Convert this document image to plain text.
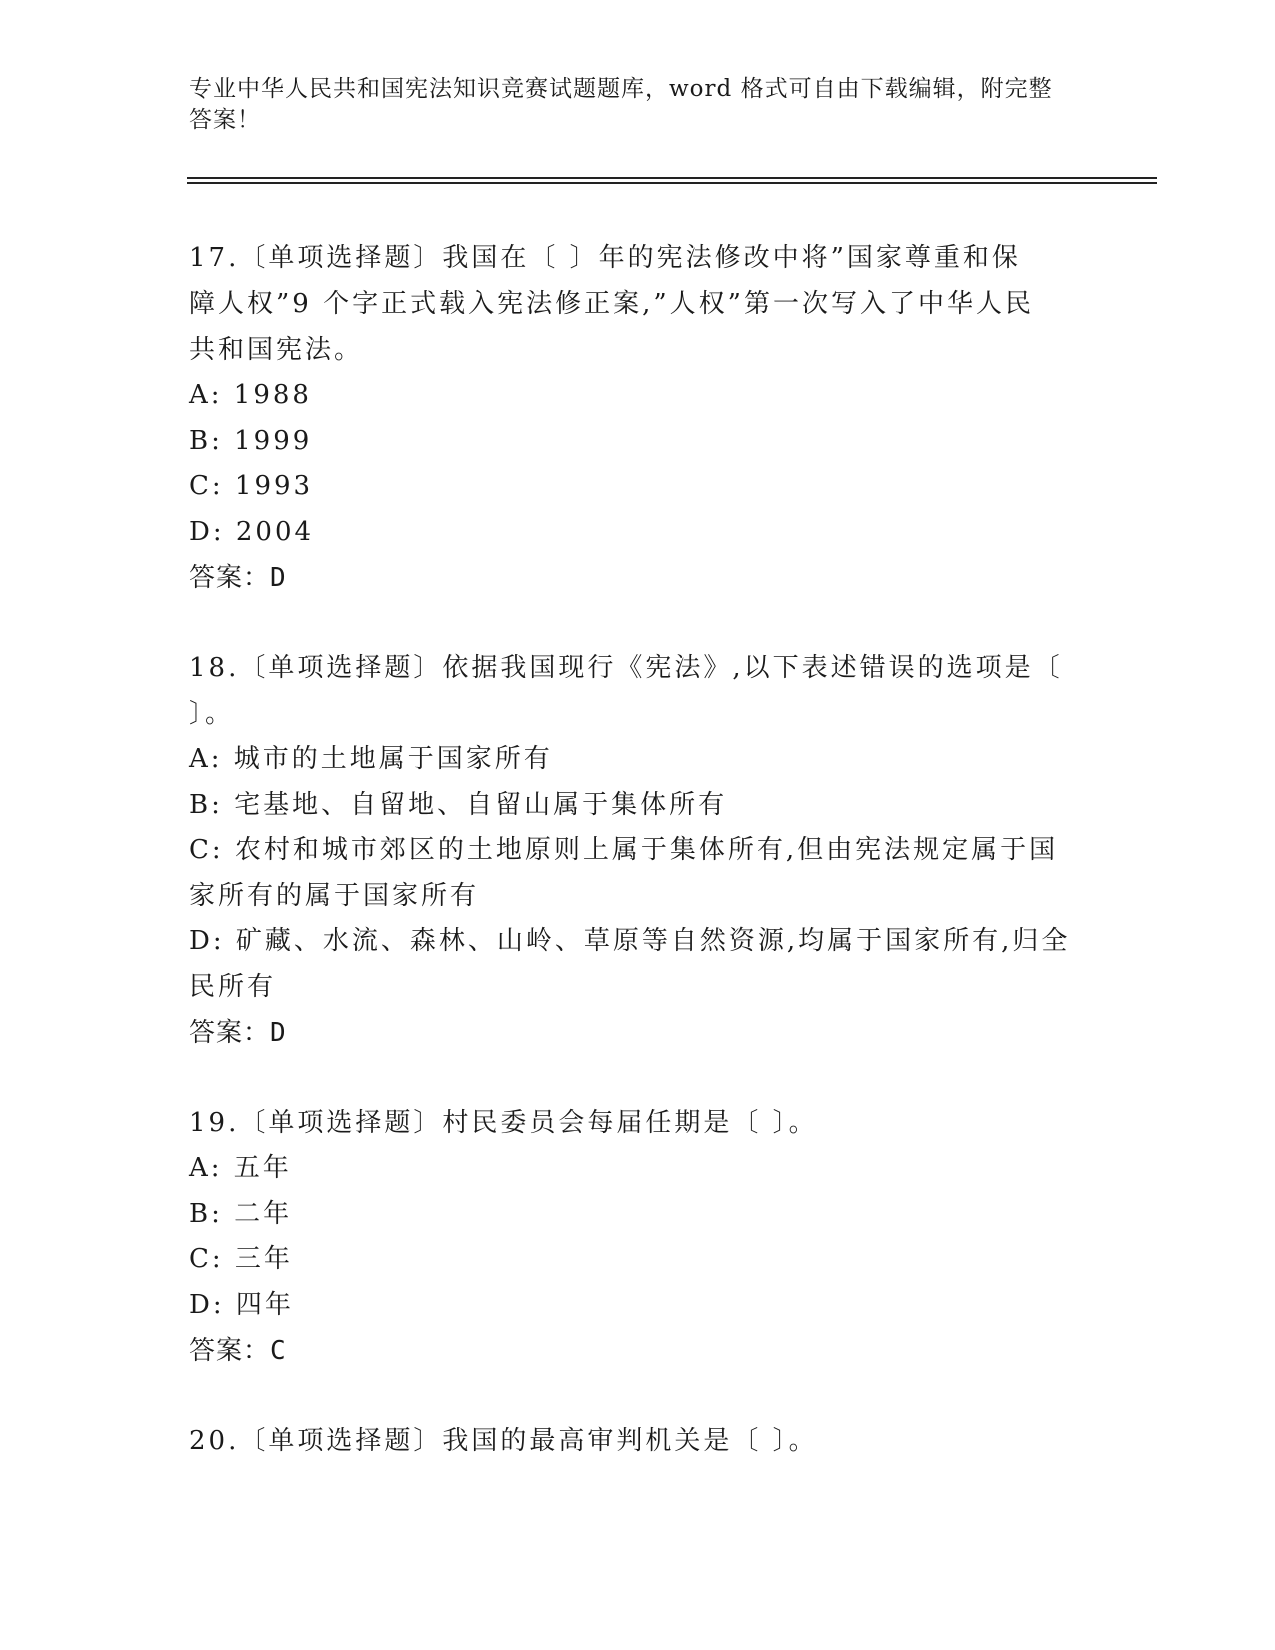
专业中华人民共和国宪法知识竞赛试题题库，word 格式可自由下载编辑，附完整
答案！

17.〔单项选择题〕我国在〔 〕年的宪法修改中将”国家尊重和保

障人权”9 个字正式载入宪法修正案,”人权”第一次写入了中华人民

共和国宪法。

A: 1988

B: 1999

C: 1993

D: 2004

答案：D

18.〔单项选择题〕依据我国现行《宪法》,以下表述错误的选项是〔

〕。

A: 城市的土地属于国家所有

B: 宅基地、自留地、自留山属于集体所有

C: 农村和城市郊区的土地原则上属于集体所有,但由宪法规定属于国

家所有的属于国家所有

D: 矿藏、水流、森林、山岭、草原等自然资源,均属于国家所有,归全

民所有

答案：D

19.〔单项选择题〕村民委员会每届任期是〔 〕。

A: 五年

B: 二年

C: 三年

D: 四年

答案：C

20.〔单项选择题〕我国的最高审判机关是〔 〕。
